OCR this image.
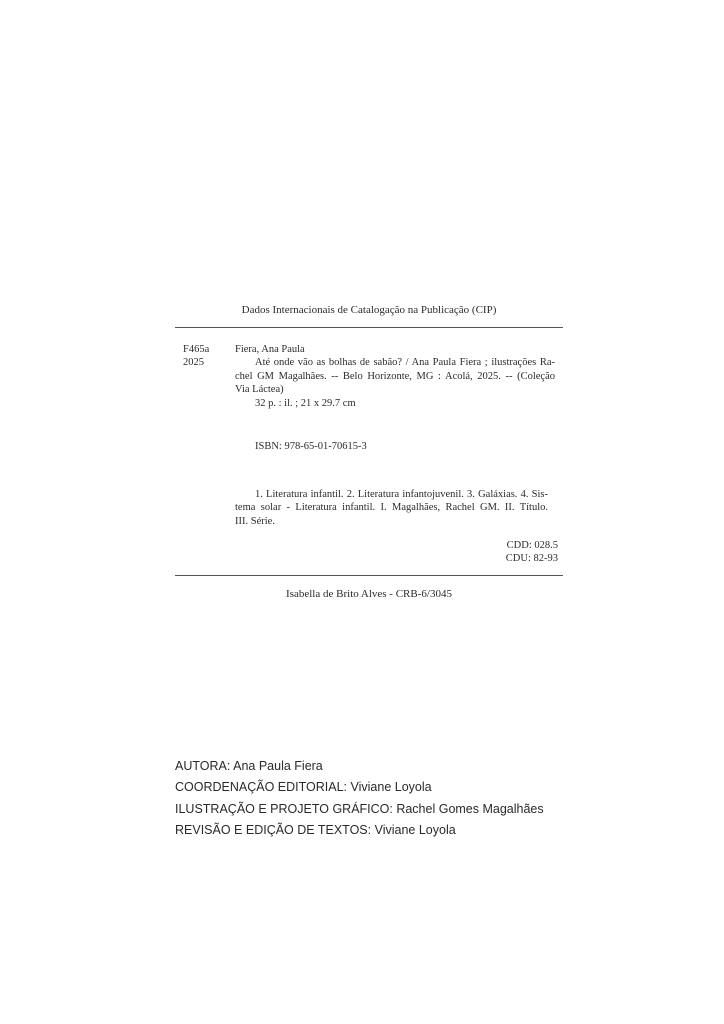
Dados Internacionais de Catalogação na Publicação (CIP)
F465a
2025
Fiera, Ana Paula
Até onde vão as bolhas de sabão? / Ana Paula Fiera ; ilustrações Ra-
chel GM Magalhães. -- Belo Horizonte, MG : Acolá, 2025. -- (Coleção
Via Láctea)
32 p. : il. ; 21 x 29.7 cm
ISBN: 978-65-01-70615-3
1. Literatura infantil. 2. Literatura infantojuvenil. 3. Galáxias. 4. Sis-
tema solar - Literatura infantil. I. Magalhães, Rachel GM. II. Título.
III. Série.
CDD: 028.5
CDU: 82-93
Isabella de Brito Alves - CRB-6/3045
AUTORA: Ana Paula Fiera
COORDENAÇÃO EDITORIAL: Viviane Loyola
ILUSTRAÇÃO E PROJETO GRÁFICO: Rachel Gomes Magalhães
REVISÃO E EDIÇÃO DE TEXTOS: Viviane Loyola
